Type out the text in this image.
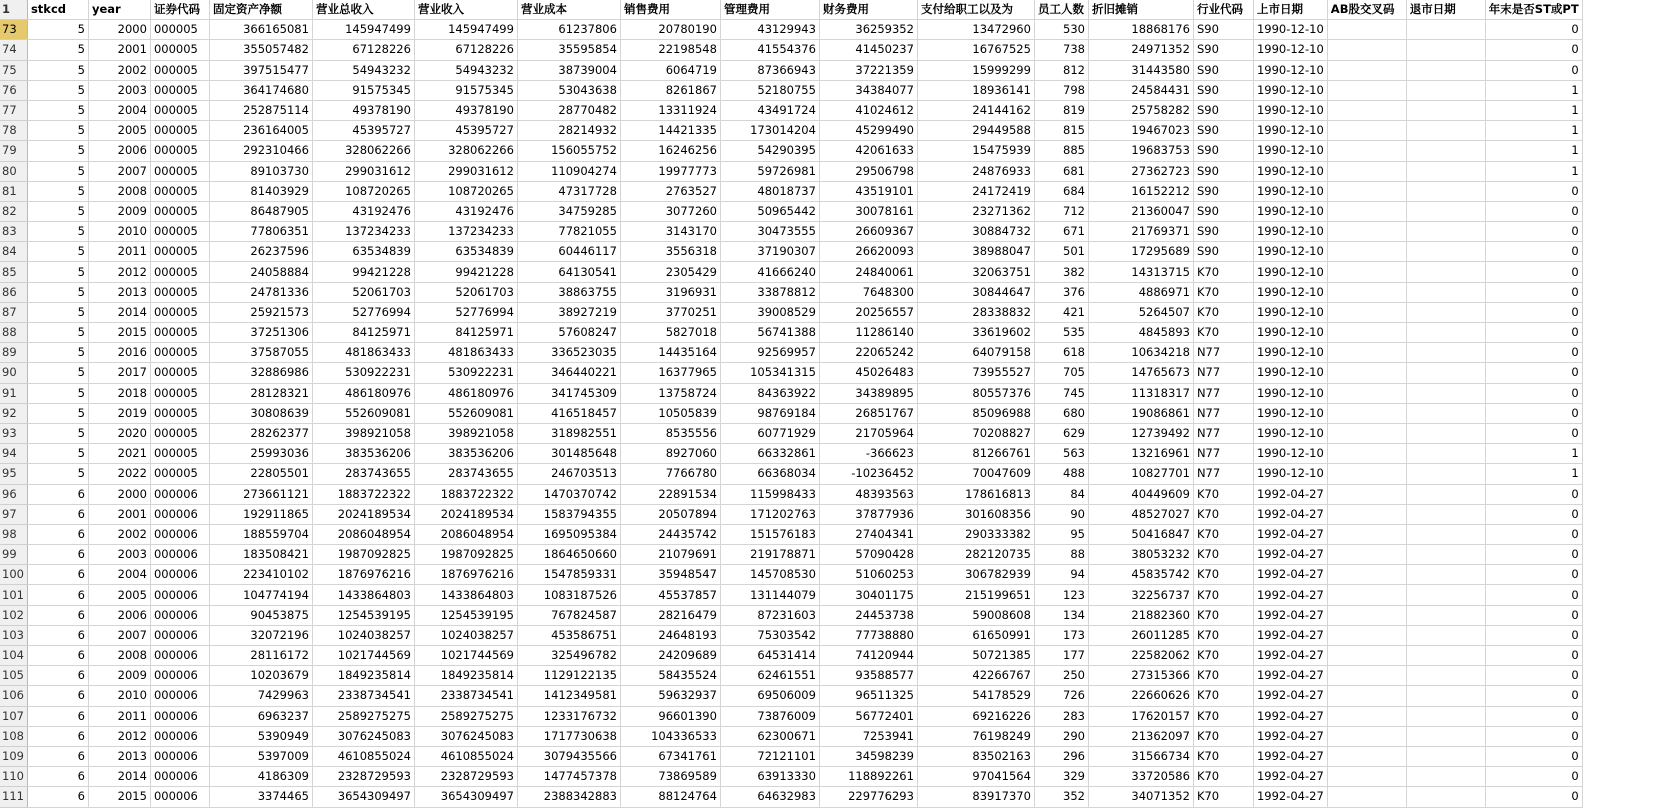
1	stkcd	year	证券代码	固定资产净额	营业总收入	营业收入	营业成本	销售费用	管理费用	财务费用	支付给职工以及为	员工人数	折旧摊销	行业代码	上市日期	AB股交叉码	退市日期	年末是否ST或PT
73	5	2000	000005	366165081	145947499	145947499	61237806	20780190	43129943	36259352	13472960	530	18868176	S90	1990-12-10			0
74	5	2001	000005	355057482	67128226	67128226	35595854	22198548	41554376	41450237	16767525	738	24971352	S90	1990-12-10			0
75	5	2002	000005	397515477	54943232	54943232	38739004	6064719	87366943	37221359	15999299	812	31443580	S90	1990-12-10			0
76	5	2003	000005	364174680	91575345	91575345	53043638	8261867	52180755	34384077	18936141	798	24584431	S90	1990-12-10			1
77	5	2004	000005	252875114	49378190	49378190	28770482	13311924	43491724	41024612	24144162	819	25758282	S90	1990-12-10			1
78	5	2005	000005	236164005	45395727	45395727	28214932	14421335	173014204	45299490	29449588	815	19467023	S90	1990-12-10			1
79	5	2006	000005	292310466	328062266	328062266	156055752	16246256	54290395	42061633	15475939	885	19683753	S90	1990-12-10			1
80	5	2007	000005	89103730	299031612	299031612	110904274	19977773	59726981	29506798	24876933	681	27362723	S90	1990-12-10			1
81	5	2008	000005	81403929	108720265	108720265	47317728	2763527	48018737	43519101	24172419	684	16152212	S90	1990-12-10			0
82	5	2009	000005	86487905	43192476	43192476	34759285	3077260	50965442	30078161	23271362	712	21360047	S90	1990-12-10			0
83	5	2010	000005	77806351	137234233	137234233	77821055	3143170	30473555	26609367	30884732	671	21769371	S90	1990-12-10			0
84	5	2011	000005	26237596	63534839	63534839	60446117	3556318	37190307	26620093	38988047	501	17295689	S90	1990-12-10			0
85	5	2012	000005	24058884	99421228	99421228	64130541	2305429	41666240	24840061	32063751	382	14313715	K70	1990-12-10			0
86	5	2013	000005	24781336	52061703	52061703	38863755	3196931	33878812	7648300	30844647	376	4886971	K70	1990-12-10			0
87	5	2014	000005	25921573	52776994	52776994	38927219	3770251	39008529	20256557	28338832	421	5264507	K70	1990-12-10			0
88	5	2015	000005	37251306	84125971	84125971	57608247	5827018	56741388	11286140	33619602	535	4845893	K70	1990-12-10			0
89	5	2016	000005	37587055	481863433	481863433	336523035	14435164	92569957	22065242	64079158	618	10634218	N77	1990-12-10			0
90	5	2017	000005	32886986	530922231	530922231	346440221	16377965	105341315	45026483	73955527	705	14765673	N77	1990-12-10			0
91	5	2018	000005	28128321	486180976	486180976	341745309	13758724	84363922	34389895	80557376	745	11318317	N77	1990-12-10			0
92	5	2019	000005	30808639	552609081	552609081	416518457	10505839	98769184	26851767	85096988	680	19086861	N77	1990-12-10			0
93	5	2020	000005	28262377	398921058	398921058	318982551	8535556	60771929	21705964	70208827	629	12739492	N77	1990-12-10			0
94	5	2021	000005	25993036	383536206	383536206	301485648	8927060	66332861	-366623	81266761	563	13216961	N77	1990-12-10			1
95	5	2022	000005	22805501	283743655	283743655	246703513	7766780	66368034	-10236452	70047609	488	10827701	N77	1990-12-10			1
96	6	2000	000006	273661121	1883722322	1883722322	1470370742	22891534	115998433	48393563	178616813	84	40449609	K70	1992-04-27			0
97	6	2001	000006	192911865	2024189534	2024189534	1583794355	20507894	171202763	37877936	301608356	90	48527027	K70	1992-04-27			0
98	6	2002	000006	188559704	2086048954	2086048954	1695095384	24435742	151576183	27404341	290333382	95	50416847	K70	1992-04-27			0
99	6	2003	000006	183508421	1987092825	1987092825	1864650660	21079691	219178871	57090428	282120735	88	38053232	K70	1992-04-27			0
100	6	2004	000006	223410102	1876976216	1876976216	1547859331	35948547	145708530	51060253	306782939	94	45835742	K70	1992-04-27			0
101	6	2005	000006	104774194	1433864803	1433864803	1083187526	45537857	131144079	30401175	215199651	123	32256737	K70	1992-04-27			0
102	6	2006	000006	90453875	1254539195	1254539195	767824587	28216479	87231603	24453738	59008608	134	21882360	K70	1992-04-27			0
103	6	2007	000006	32072196	1024038257	1024038257	453586751	24648193	75303542	77738880	61650991	173	26011285	K70	1992-04-27			0
104	6	2008	000006	28116172	1021744569	1021744569	325496782	24209689	64531414	74120944	50721385	177	22582062	K70	1992-04-27			0
105	6	2009	000006	10203679	1849235814	1849235814	1129122135	58435524	62461551	93588577	42266767	250	27315366	K70	1992-04-27			0
106	6	2010	000006	7429963	2338734541	2338734541	1412349581	59632937	69506009	96511325	54178529	726	22660626	K70	1992-04-27			0
107	6	2011	000006	6963237	2589275275	2589275275	1233176732	96601390	73876009	56772401	69216226	283	17620157	K70	1992-04-27			0
108	6	2012	000006	5390949	3076245083	3076245083	1717730638	104336533	62300671	7253941	76198249	290	21362097	K70	1992-04-27			0
109	6	2013	000006	5397009	4610855024	4610855024	3079435566	67341761	72121101	34598239	83502163	296	31566734	K70	1992-04-27			0
110	6	2014	000006	4186309	2328729593	2328729593	1477457378	73869589	63913330	118892261	97041564	329	33720586	K70	1992-04-27			0
111	6	2015	000006	3374465	3654309497	3654309497	2388342883	88124764	64632983	229776293	83917370	352	34071352	K70	1992-04-27			0
